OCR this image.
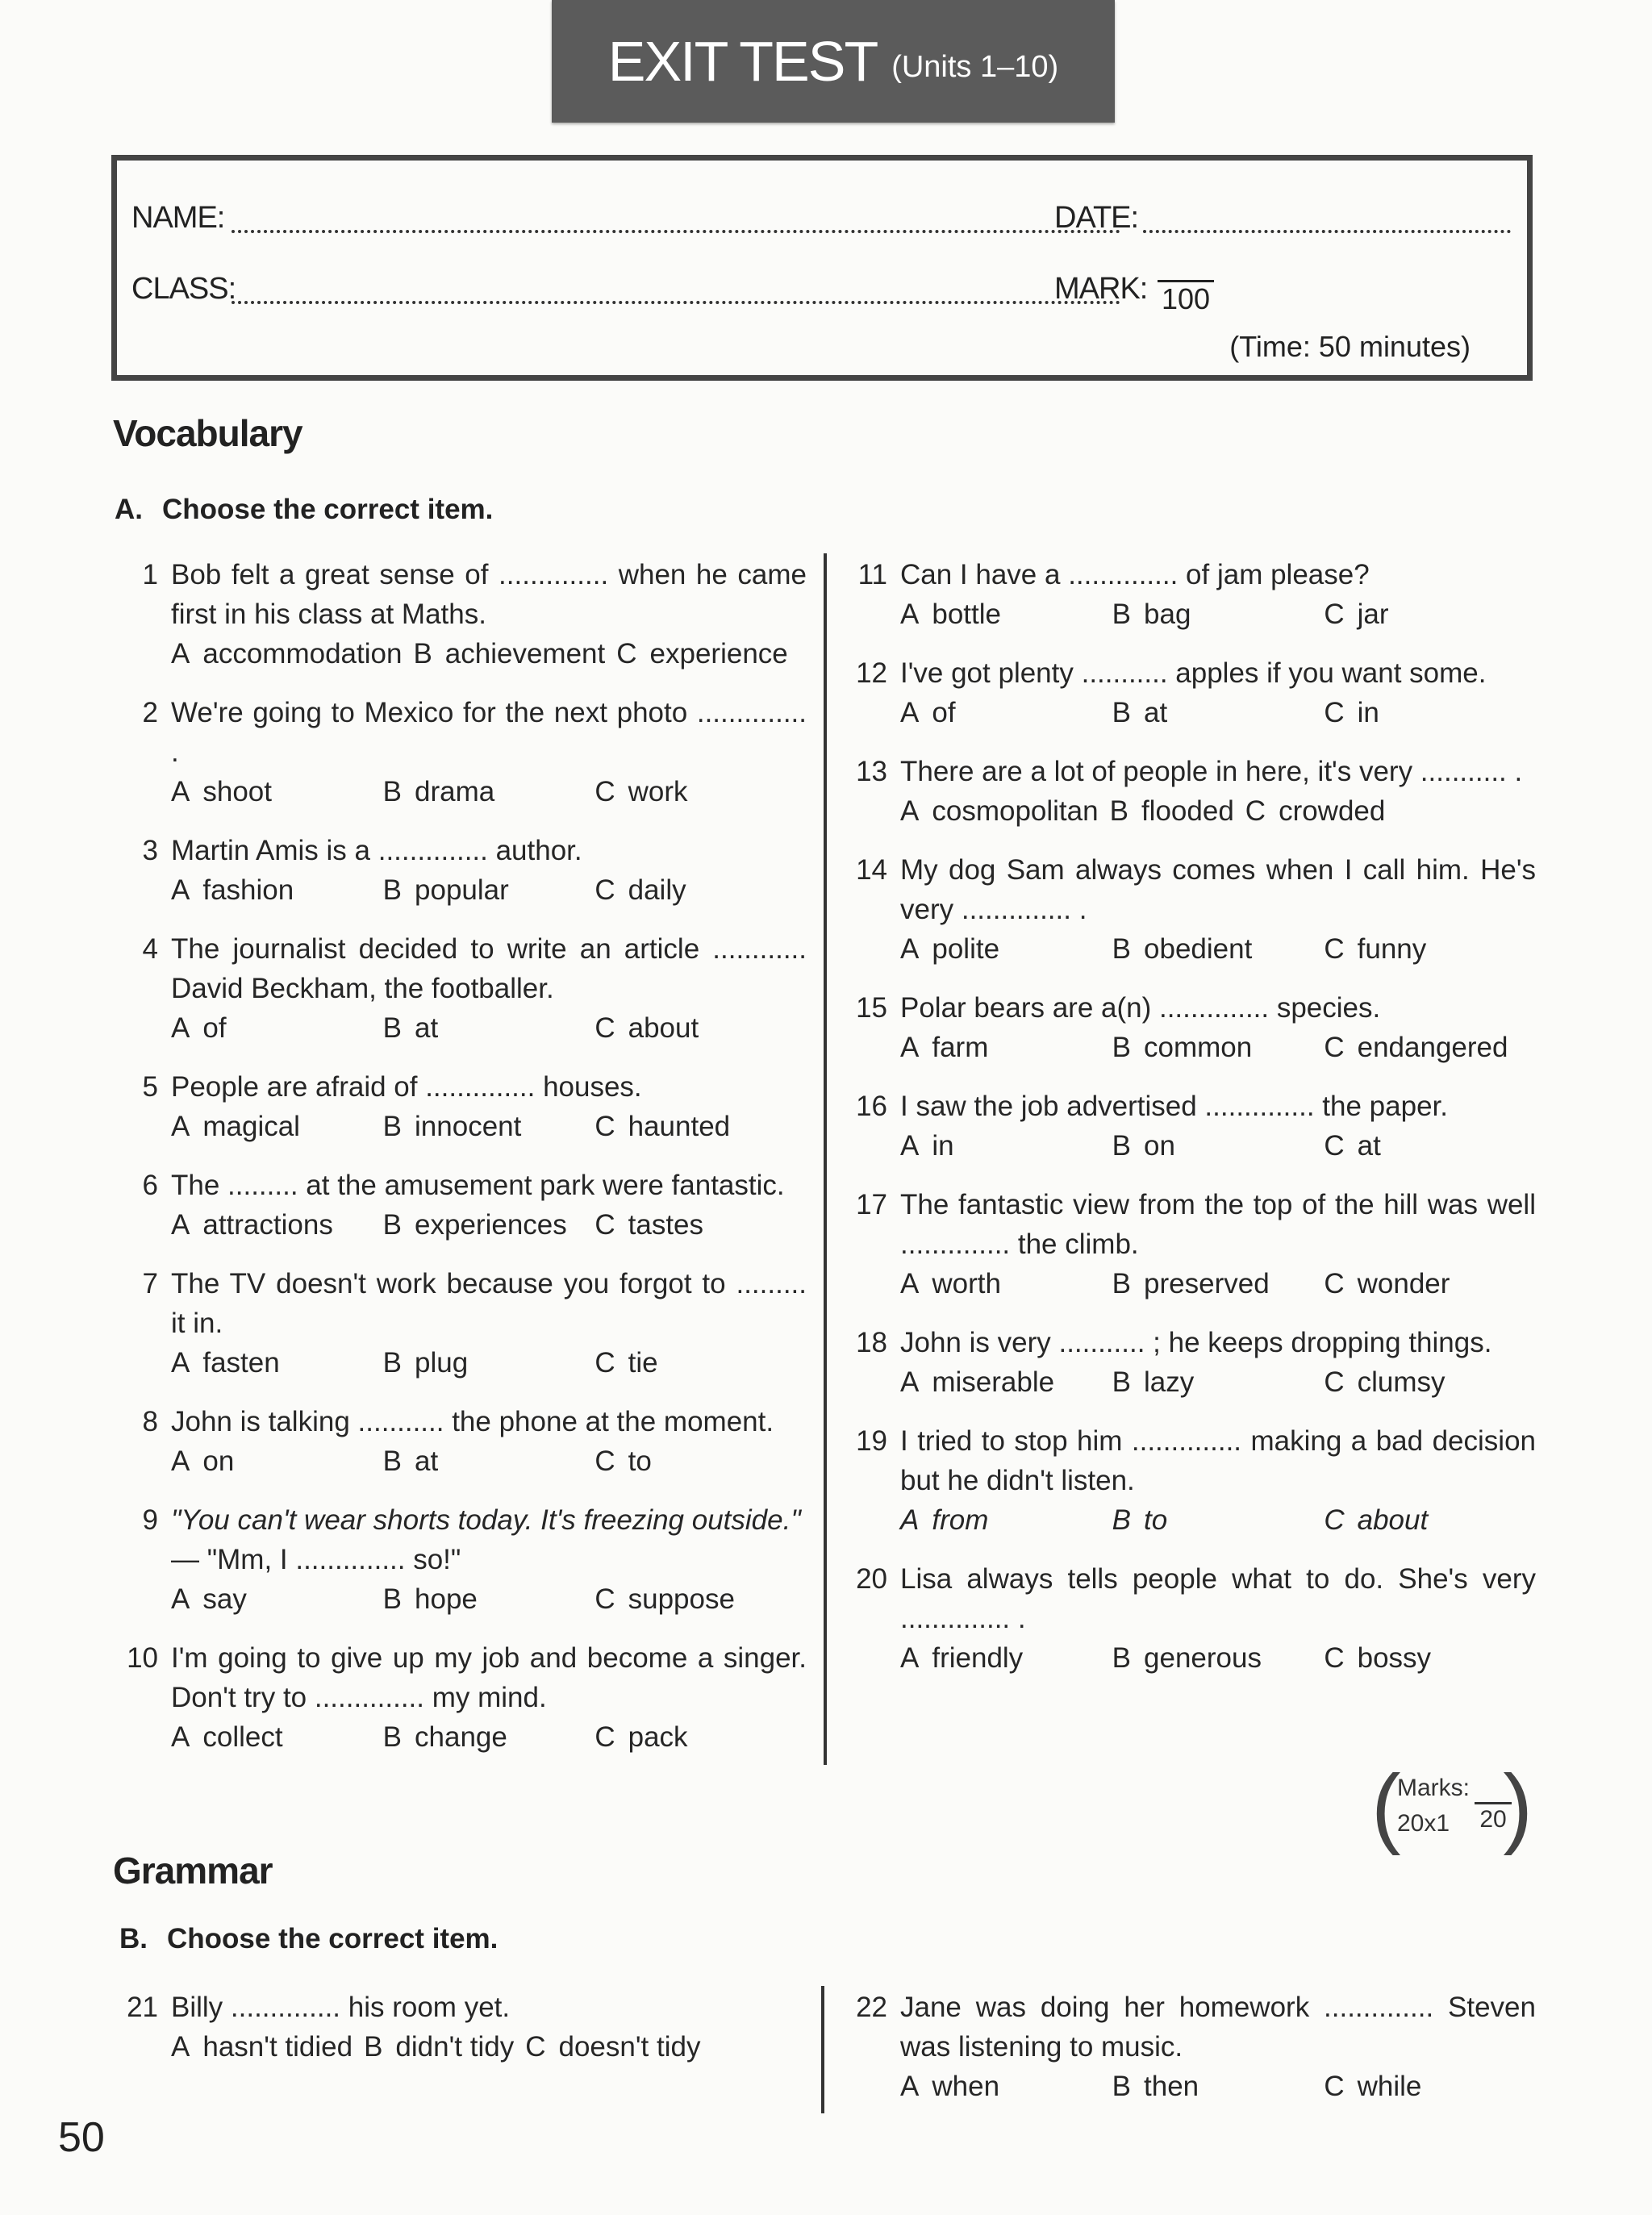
EXIT TEST (Units 1–10)
NAME:	DATE:
CLASS:	MARK: 100
(Time: 50 minutes)
Vocabulary
A. Choose the correct item.
1 Bob felt a great sense of .............. when he came first in his class at Maths.
A accommodation B achievement C experience
2 We're going to Mexico for the next photo .............. .
A shoot	B drama	C work
3 Martin Amis is a .............. author.
A fashion	B popular	C daily
4 The journalist decided to write an article ............ David Beckham, the footballer.
A of	B at	C about
5 People are afraid of .............. houses.
A magical	B innocent	C haunted
6 The ......... at the amusement park were fantastic.
A attractions	B experiences C tastes
7 The TV doesn't work because you forgot to ......... it in.
A fasten	B plug	C tie
8 John is talking ........... the phone at the moment.
A on	B at	C to
9 "You can't wear shorts today. It's freezing outside."
— "Mm, I .............. so!"
A say	B hope	C suppose
10 I'm going to give up my job and become a singer. Don't try to .............. my mind.
A collect	B change	C pack
11 Can I have a .............. of jam please?
A bottle	B bag	C jar
12 I've got plenty ........... apples if you want some.
A of	B at	C in
13 There are a lot of people in here, it's very ........... .
A cosmopolitan B flooded C crowded
14 My dog Sam always comes when I call him. He's very .............. .
A polite	B obedient	C funny
15 Polar bears are a(n) .............. species.
A farm	B common	C endangered
16 I saw the job advertised .............. the paper.
A in	B on	C at
17 The fantastic view from the top of the hill was well .............. the climb.
A worth	B preserved	C wonder
18 John is very ........... ; he keeps dropping things.
A miserable	B lazy	C clumsy
19 I tried to stop him .............. making a bad decision but he didn't listen.
A from	B to	C about
20 Lisa always tells people what to do. She's very .............. .
A friendly	B generous	C bossy
(
Marks:
20x1 20
)
Grammar
B. Choose the correct item.
21 Billy .............. his room yet.
A hasn't tidied B didn't tidy C doesn't tidy
22 Jane was doing her homework .............. Steven was listening to music.
A when	B then	C while
50
